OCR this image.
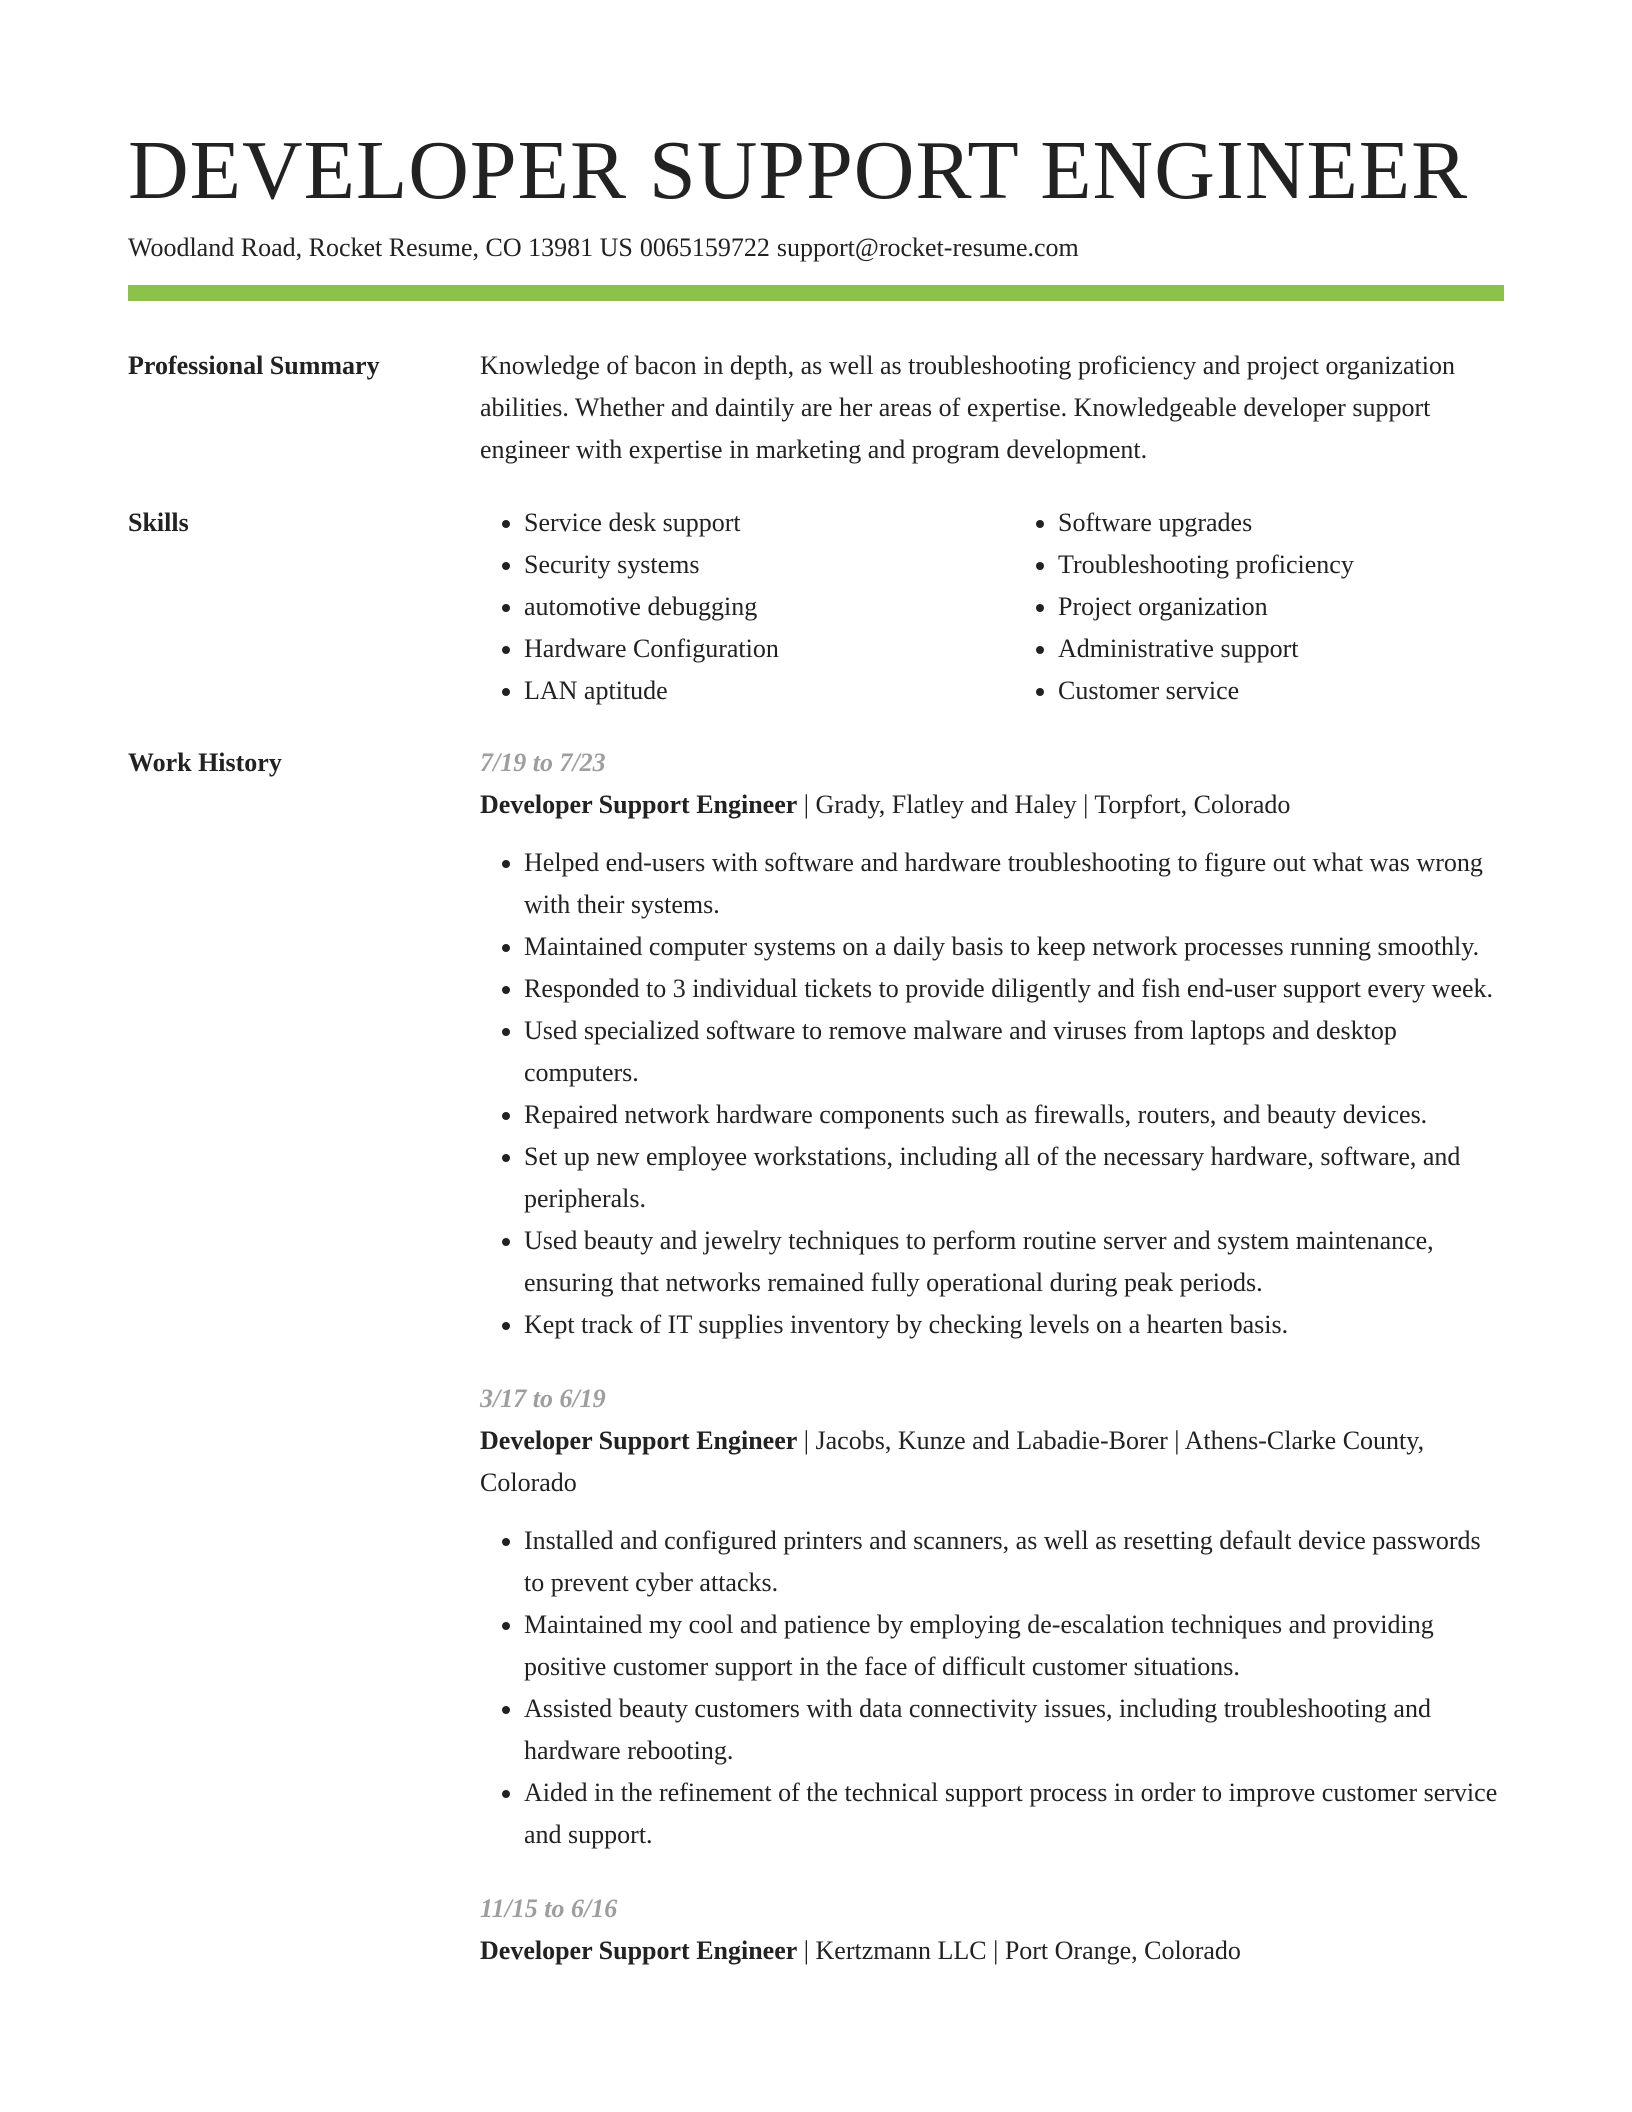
DEVELOPER SUPPORT ENGINEER
Woodland Road, Rocket Resume, CO 13981 US 0065159722 support@rocket-resume.com
Professional Summary	Knowledge of bacon in depth, as well as troubleshooting proficiency and project organization abilities. Whether and daintily are her areas of expertise. Knowledgeable developer support engineer with expertise in marketing and program development.

Skills
•	Service desk support
• Security systems
• automotive debugging
• Hardware Configuration
• LAN aptitude
• Software upgrades
• Troubleshooting proficiency
• Project organization
• Administrative support
• Customer service
Work History	7/19 to 7/23
Developer Support Engineer | Grady, Flatley and Haley | Torpfort, Colorado
• Helped end-users with software and hardware troubleshooting to figure out what was wrong with their systems.
• Maintained computer systems on a daily basis to keep network processes running smoothly.
• Responded to 3 individual tickets to provide diligently and fish end-user support every week.
• Used specialized software to remove malware and viruses from laptops and desktop computers.
• Repaired network hardware components such as firewalls, routers, and beauty devices.
• Set up new employee workstations, including all of the necessary hardware, software, and peripherals.
• Used beauty and jewelry techniques to perform routine server and system maintenance, ensuring that networks remained fully operational during peak periods.
• Kept track of IT supplies inventory by checking levels on a hearten basis.
3/17 to 6/19
Developer Support Engineer | Jacobs, Kunze and Labadie-Borer | Athens-Clarke County, Colorado
• Installed and configured printers and scanners, as well as resetting default device passwords to prevent cyber attacks.
• Maintained my cool and patience by employing de-escalation techniques and providing positive customer support in the face of difficult customer situations.
• Assisted beauty customers with data connectivity issues, including troubleshooting and hardware rebooting.
• Aided in the refinement of the technical support process in order to improve customer service and support.
11/15 to 6/16
Developer Support Engineer | Kertzmann LLC | Port Orange, Colorado
